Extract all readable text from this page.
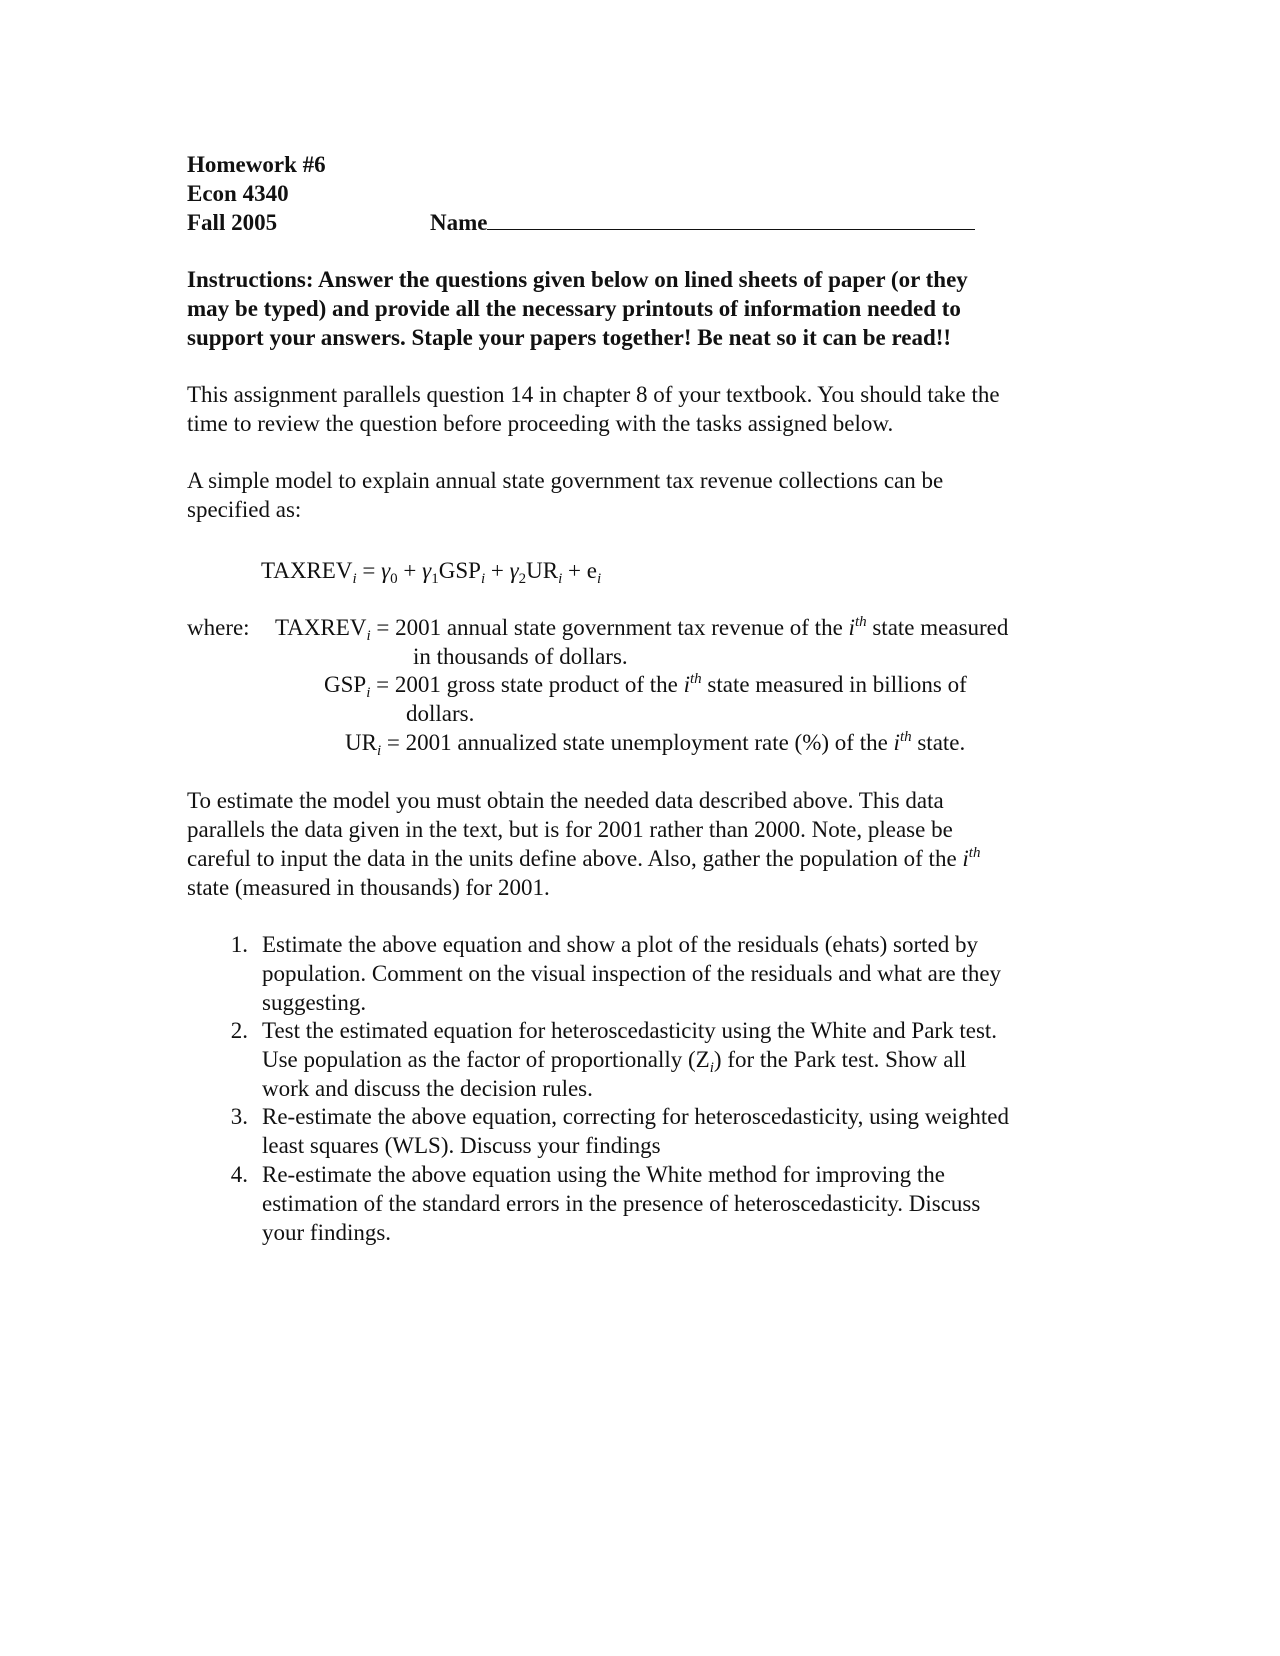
Homework #6
Econ 4340
Fall 2005	Name
Instructions: Answer the questions given below on lined sheets of paper (or they
may be typed) and provide all the necessary printouts of information needed to
support your answers. Staple your papers together! Be neat so it can be read!!
This assignment parallels question 14 in chapter 8 of your textbook. You should take the
time to review the question before proceeding with the tasks assigned below.
A simple model to explain annual state government tax revenue collections can be
specified as:
$TAXREV_i = \gamma_0 + \gamma_1GSP_i + \gamma_2UR_i + e_i$
where: $TAXREV_i = 2001$ annual state government tax revenue of the $i^{th}$ state measured
in thousands of dollars.
$GSP_i = 2001$ gross state product of the $i^{th}$ state measured in billions of
dollars.
$UR_i = 2001$ annualized state unemployment rate (%) of the $i^{th}$ state.
To estimate the model you must obtain the needed data described above. This data
parallels the data given in the text, but is for 2001 rather than 2000. Note, please be
careful to input the data in the units define above. Also, gather the population of the $i^{th}$
state (measured in thousands) for 2001.
1. Estimate the above equation and show a plot of the residuals (ehats) sorted by
population. Comment on the visual inspection of the residuals and what are they
suggesting.
2. Test the estimated equation for heteroscedasticity using the White and Park test.
Use population as the factor of proportionally $(Z_i)$ for the Park test. Show all
work and discuss the decision rules.
3. Re-estimate the above equation, correcting for heteroscedasticity, using weighted
least squares (WLS). Discuss your findings
4. Re-estimate the above equation using the White method for improving the
estimation of the standard errors in the presence of heteroscedasticity. Discuss
your findings.
